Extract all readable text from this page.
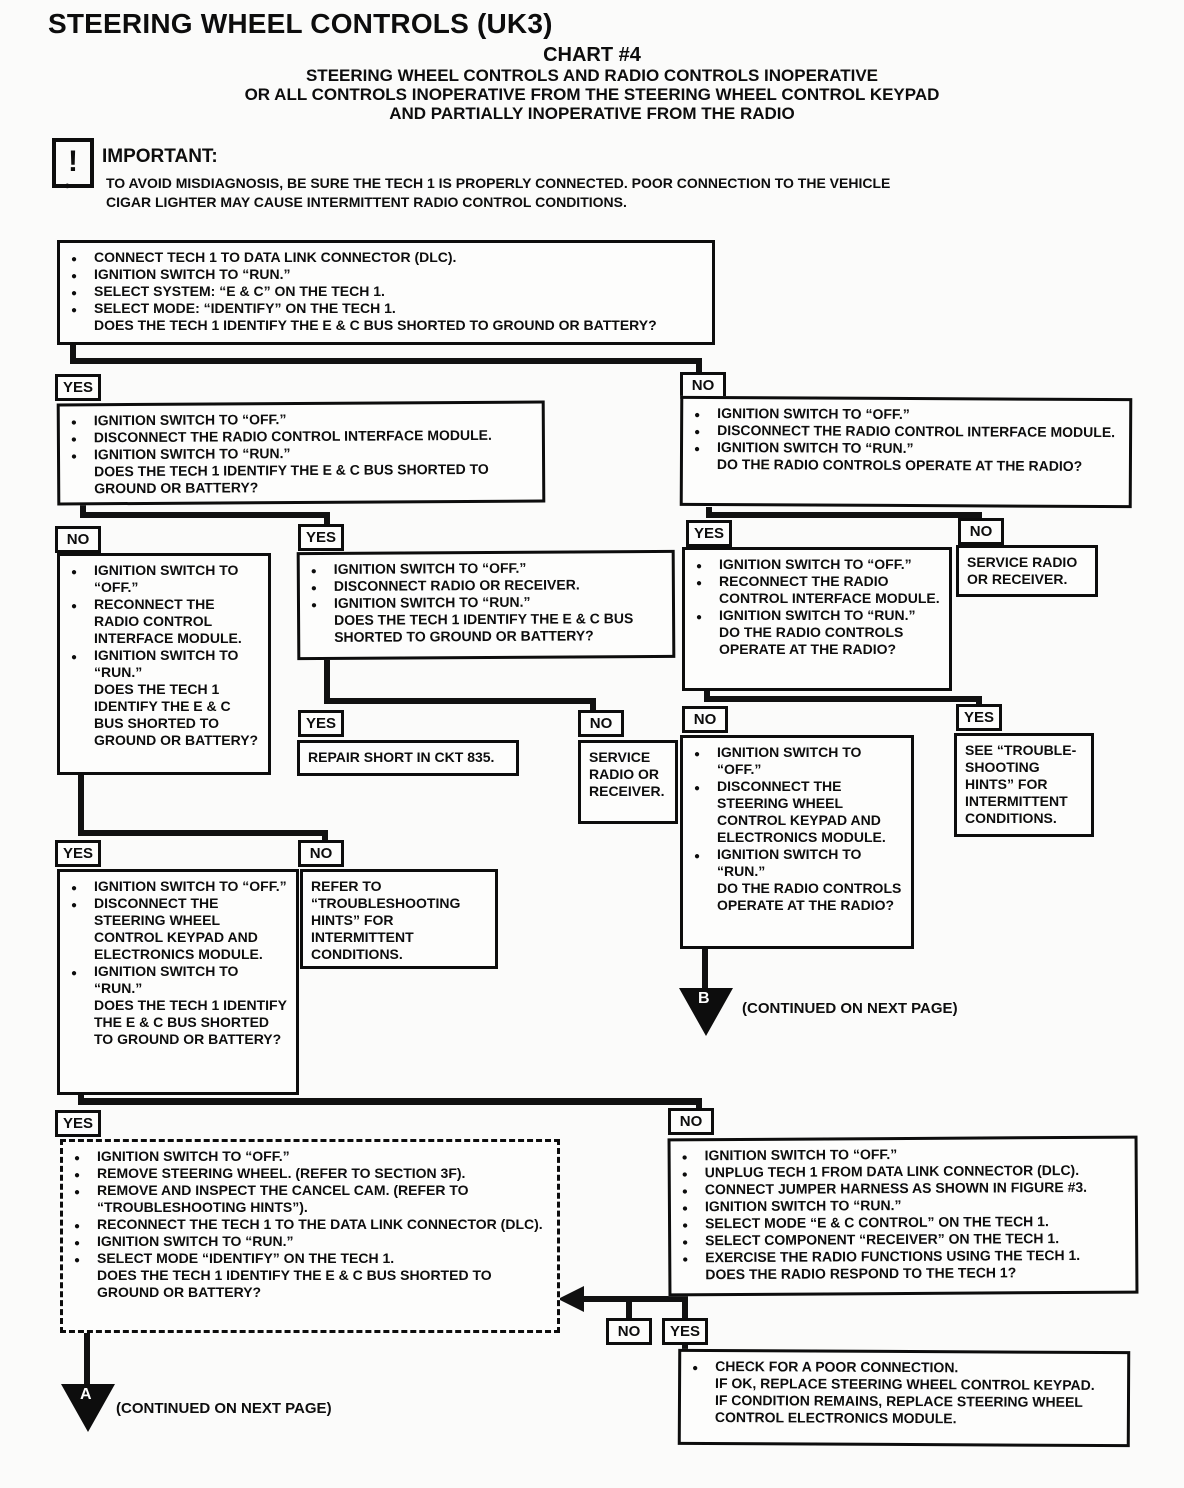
STEERING WHEEL CONTROLS (UK3)
CHART #4
STEERING WHEEL CONTROLS AND RADIO CONTROLS INOPERATIVE
OR ALL CONTROLS INOPERATIVE FROM THE STEERING WHEEL CONTROL KEYPAD
AND PARTIALLY INOPERATIVE FROM THE RADIO
!	IMPORTANT:
●	TO AVOID MISDIAGNOSIS, BE SURE THE TECH 1 IS PROPERLY CONNECTED. POOR CONNECTION TO THE VEHICLE CIGAR LIGHTER MAY CAUSE INTERMITTENT RADIO CONTROL CONDITIONS.
YES	NO
NO	YES	YES	NO
YES	NO	NO	YES
YES	NO
YES	NO
NO	YES
● CONNECT TECH 1 TO DATA LINK CONNECTOR (DLC).
● IGNITION SWITCH TO “RUN.”
● SELECT SYSTEM: “E & C” ON THE TECH 1.
● SELECT MODE: “IDENTIFY” ON THE TECH 1.
DOES THE TECH 1 IDENTIFY THE E & C BUS SHORTED TO GROUND OR BATTERY?
● IGNITION SWITCH TO “OFF.”
● DISCONNECT THE RADIO CONTROL INTERFACE MODULE.
● IGNITION SWITCH TO “RUN.”
DOES THE TECH 1 IDENTIFY THE E & C BUS SHORTED TO GROUND OR BATTERY?
● IGNITION SWITCH TO “OFF.”
● DISCONNECT THE RADIO CONTROL INTERFACE MODULE.
● IGNITION SWITCH TO “RUN.”
DO THE RADIO CONTROLS OPERATE AT THE RADIO?
● IGNITION SWITCH TO “OFF.”
● RECONNECT THE RADIO CONTROL INTERFACE MODULE.
● IGNITION SWITCH TO “RUN.”
DOES THE TECH 1 IDENTIFY THE E & C BUS SHORTED TO GROUND OR BATTERY?
● IGNITION SWITCH TO “OFF.”
● DISCONNECT RADIO OR RECEIVER.
● IGNITION SWITCH TO “RUN.”
DOES THE TECH 1 IDENTIFY THE E & C BUS SHORTED TO GROUND OR BATTERY?
● IGNITION SWITCH TO “OFF.”
● RECONNECT THE RADIO CONTROL INTERFACE MODULE.
● IGNITION SWITCH TO “RUN.”
DO THE RADIO CONTROLS OPERATE AT THE RADIO?
SERVICE RADIO OR RECEIVER.
REPAIR SHORT IN CKT 835.	SERVICE RADIO OR RECEIVER.
● IGNITION SWITCH TO “OFF.”
● DISCONNECT THE STEERING WHEEL CONTROL KEYPAD AND ELECTRONICS MODULE.
● IGNITION SWITCH TO “RUN.”
DO THE RADIO CONTROLS OPERATE AT THE RADIO?
SEE “TROUBLE-SHOOTING HINTS” FOR INTERMITTENT CONDITIONS.
● IGNITION SWITCH TO “OFF.”
● DISCONNECT THE STEERING WHEEL CONTROL KEYPAD AND ELECTRONICS MODULE.
● IGNITION SWITCH TO “RUN.”
DOES THE TECH 1 IDENTIFY THE E & C BUS SHORTED TO GROUND OR BATTERY?
REFER TO “TROUBLESHOOTING HINTS” FOR INTERMITTENT CONDITIONS.
● IGNITION SWITCH TO “OFF.”
● REMOVE STEERING WHEEL. (REFER TO SECTION 3F).
● REMOVE AND INSPECT THE CANCEL CAM. (REFER TO “TROUBLESHOOTING HINTS”).
● RECONNECT THE TECH 1 TO THE DATA LINK CONNECTOR (DLC).
● IGNITION SWITCH TO “RUN.”
● SELECT MODE “IDENTIFY” ON THE TECH 1.
DOES THE TECH 1 IDENTIFY THE E & C BUS SHORTED TO GROUND OR BATTERY?
● IGNITION SWITCH TO “OFF.”
● UNPLUG TECH 1 FROM DATA LINK CONNECTOR (DLC).
● CONNECT JUMPER HARNESS AS SHOWN IN FIGURE #3.
● IGNITION SWITCH TO “RUN.”
● SELECT MODE “E & C CONTROL” ON THE TECH 1.
● SELECT COMPONENT “RECEIVER” ON THE TECH 1.
● EXERCISE THE RADIO FUNCTIONS USING THE TECH 1.
DOES THE RADIO RESPOND TO THE TECH 1?
● CHECK FOR A POOR CONNECTION.
IF OK, REPLACE STEERING WHEEL CONTROL KEYPAD.
IF CONDITION REMAINS, REPLACE STEERING WHEEL CONTROL ELECTRONICS MODULE.
B
(CONTINUED ON NEXT PAGE)
A
(CONTINUED ON NEXT PAGE)
